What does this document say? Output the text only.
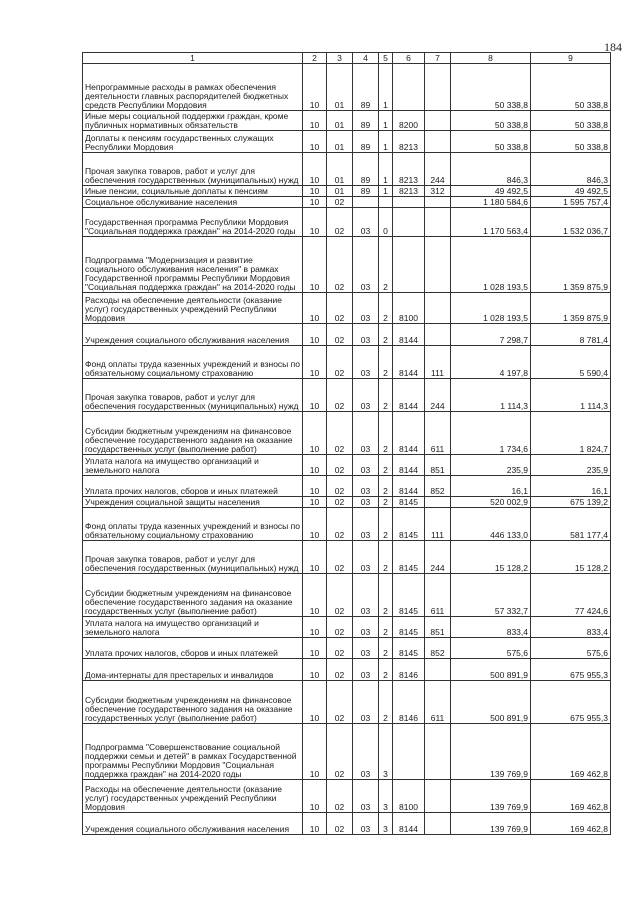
184
1	2	3	4	5	6	7	8	9
Непрограммные расходы в рамках обеспечения деятельности главных распорядителей бюджетных средств Республики Мордовия	10	01	89	1			50 338,8	50 338,8
Иные меры социальной поддержки граждан, кроме публичных нормативных обязательств	10	01	89	1	8200		50 338,8	50 338,8
Доплаты к пенсиям государственных служащих Республики Мордовия	10	01	89	1	8213		50 338,8	50 338,8
Прочая закупка товаров, работ и услуг для обеспечения государственных (муниципальных) нужд	10	01	89	1	8213	244	846,3	846,3
Иные пенсии, социальные доплаты к пенсиям	10	01	89	1	8213	312	49 492,5	49 492,5
Социальное обслуживание населения	10	02					1 180 584,6	1 595 757,4
Государственная программа Республики Мордовия "Социальная поддержка граждан" на 2014-2020 годы	10	02	03	0			1 170 563,4	1 532 036,7
Подпрограмма "Модернизация и развитие социального обслуживания населения" в рамках Государственной программы Республики Мордовия "Социальная поддержка граждан" на 2014-2020 годы	10	02	03	2			1 028 193,5	1 359 875,9
Расходы на обеспечение деятельности (оказание услуг) государственных учреждений Республики Мордовия	10	02	03	2	8100		1 028 193,5	1 359 875,9
Учреждения социального обслуживания населения	10	02	03	2	8144		7 298,7	8 781,4
Фонд оплаты труда казенных учреждений и взносы по обязательному социальному страхованию	10	02	03	2	8144	111	4 197,8	5 590,4
Прочая закупка товаров, работ и услуг для обеспечения государственных (муниципальных) нужд	10	02	03	2	8144	244	1 114,3	1 114,3
Субсидии бюджетным учреждениям на финансовое обеспечение государственного задания на оказание государственных услуг (выполнение работ)	10	02	03	2	8144	611	1 734,6	1 824,7
Уплата налога на имущество организаций и земельного налога	10	02	03	2	8144	851	235,9	235,9
Уплата прочих налогов, сборов и иных платежей	10	02	03	2	8144	852	16,1	16,1
Учреждения социальной защиты населения	10	02	03	2	8145		520 002,9	675 139,2
Фонд оплаты труда казенных учреждений и взносы по обязательному социальному страхованию	10	02	03	2	8145	111	446 133,0	581 177,4
Прочая закупка товаров, работ и услуг для обеспечения государственных (муниципальных) нужд	10	02	03	2	8145	244	15 128,2	15 128,2
Субсидии бюджетным учреждениям на финансовое обеспечение государственного задания на оказание государственных услуг (выполнение работ)	10	02	03	2	8145	611	57 332,7	77 424,6
Уплата налога на имущество организаций и земельного налога	10	02	03	2	8145	851	833,4	833,4
Уплата прочих налогов, сборов и иных платежей	10	02	03	2	8145	852	575,6	575,6
Дома-интернаты для престарелых и инвалидов	10	02	03	2	8146		500 891,9	675 955,3
Субсидии бюджетным учреждениям на финансовое обеспечение государственного задания на оказание государственных услуг (выполнение работ)	10	02	03	2	8146	611	500 891,9	675 955,3
Подпрограмма "Совершенствование социальной поддержки семьи и детей" в рамках Государственной программы Республики Мордовия "Социальная поддержка граждан" на 2014-2020 годы	10	02	03	3			139 769,9	169 462,8
Расходы на обеспечение деятельности (оказание услуг) государственных учреждений Республики Мордовия	10	02	03	3	8100		139 769,9	169 462,8
Учреждения социального обслуживания населения	10	02	03	3	8144		139 769,9	169 462,8
